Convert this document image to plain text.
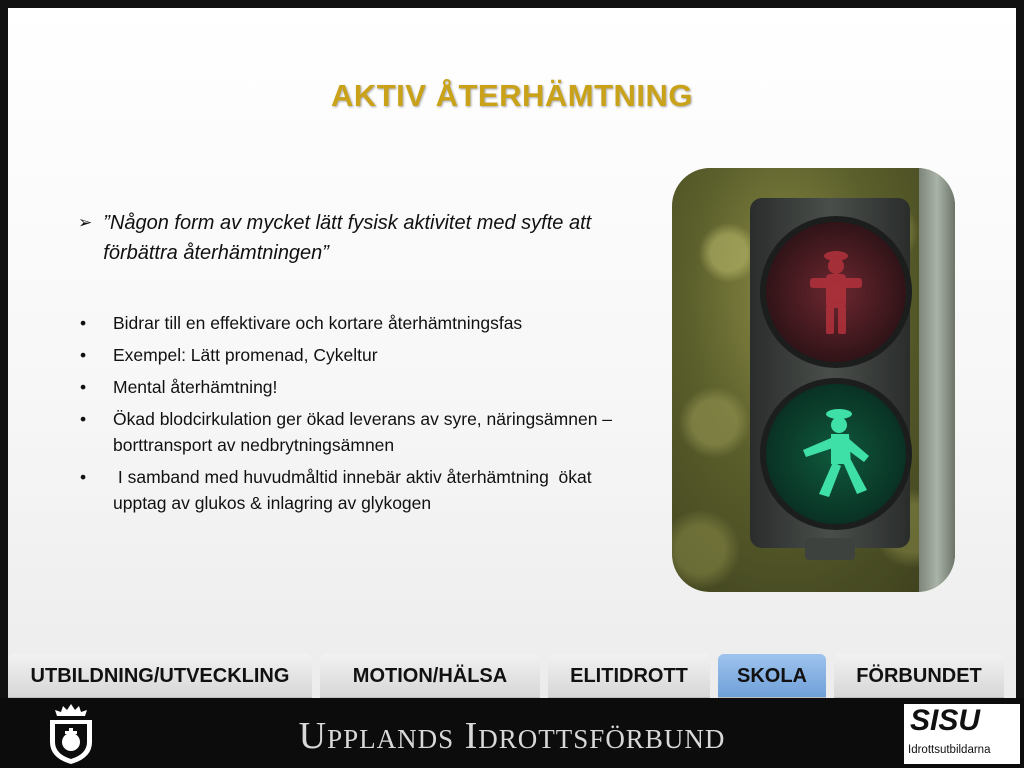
AKTIV ÅTERHÄMTNING
➢ ”Någon form av mycket lätt fysisk aktivitet med syfte att förbättra återhämtningen”
•	Bidrar till en effektivare och kortare återhämtningsfas
•	Exempel: Lätt promenad, Cykeltur
•	Mental återhämtning!
•	Ökad blodcirkulation ger ökad leverans av syre, näringsämnen – borttransport av nedbrytningsämnen
•	I samband med huvudmåltid innebär aktiv återhämtning  ökat upptag av glukos & inlagring av glykogen
UTBILDNING/UTVECKLING	MOTION/HÄLSA	ELITIDROTT	SKOLA	FÖRBUNDET
Upplands Idrottsförbund	SISU
Idrottsutbildarna
